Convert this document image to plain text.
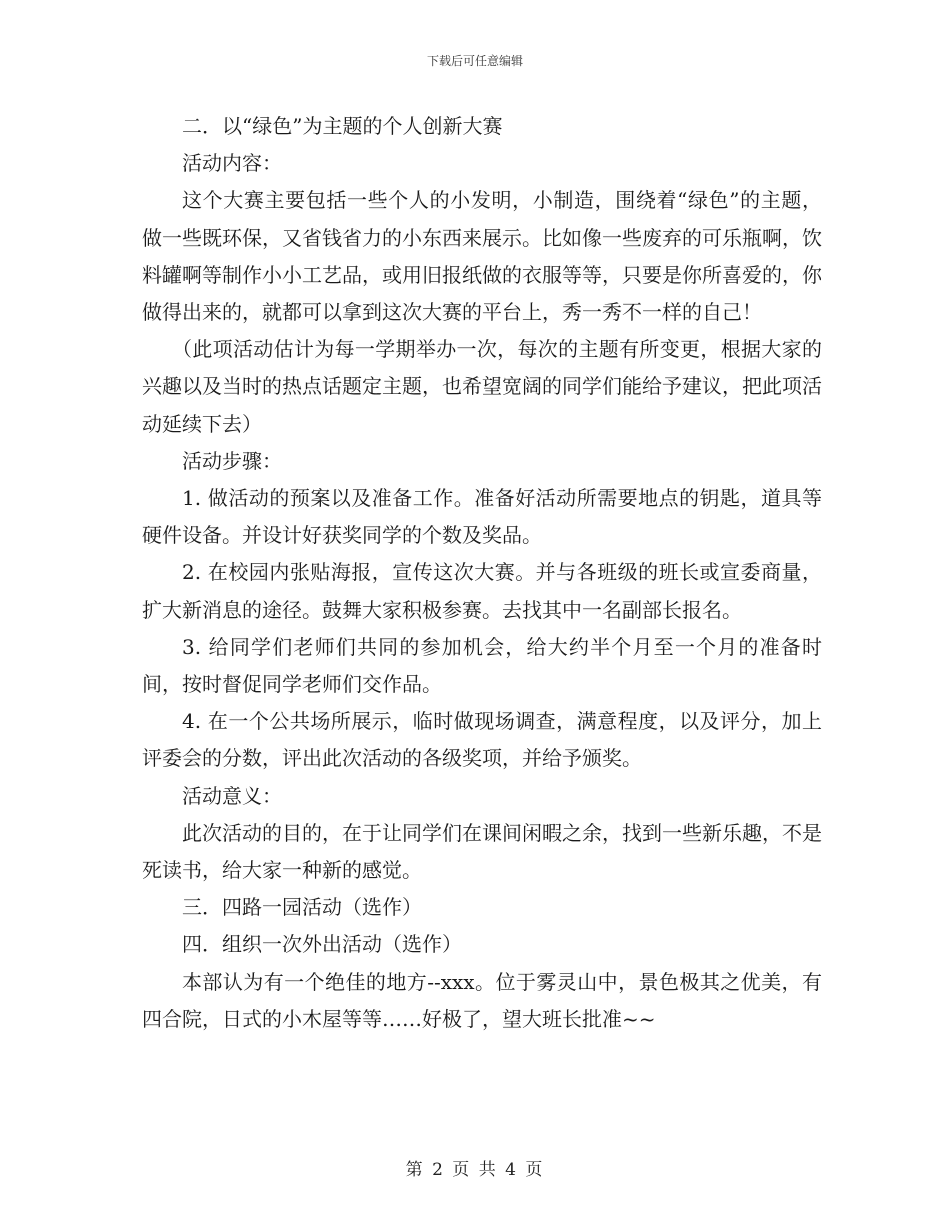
下载后可任意编辑

二．以“绿色”为主题的个人创新大赛

活动内容：

这个大赛主要包括一些个人的小发明，小制造，围绕着“绿色”的主题，做一些既环保，又省钱省力的小东西来展示。比如像一些废弃的可乐瓶啊，饮料罐啊等制作小小工艺品，或用旧报纸做的衣服等等，只要是你所喜爱的，你做得出来的，就都可以拿到这次大赛的平台上，秀一秀不一样的自己！

（此项活动估计为每一学期举办一次，每次的主题有所变更，根据大家的兴趣以及当时的热点话题定主题，也希望宽阔的同学们能给予建议，把此项活动延续下去）

活动步骤：

1. 做活动的预案以及准备工作。准备好活动所需要地点的钥匙，道具等硬件设备。并设计好获奖同学的个数及奖品。

2. 在校园内张贴海报，宣传这次大赛。并与各班级的班长或宣委商量，扩大新消息的途径。鼓舞大家积极参赛。去找其中一名副部长报名。

3. 给同学们老师们共同的参加机会，给大约半个月至一个月的准备时间，按时督促同学老师们交作品。

4. 在一个公共场所展示，临时做现场调查，满意程度，以及评分，加上评委会的分数，评出此次活动的各级奖项，并给予颁奖。

活动意义：

此次活动的目的，在于让同学们在课间闲暇之余，找到一些新乐趣，不是死读书，给大家一种新的感觉。

三．四路一园活动（选作）

四．组织一次外出活动（选作）

本部认为有一个绝佳的地方--xxx。位于雾灵山中，景色极其之优美，有四合院，日式的小木屋等等……好极了，望大班长批准~~

第 2 页 共 4 页
